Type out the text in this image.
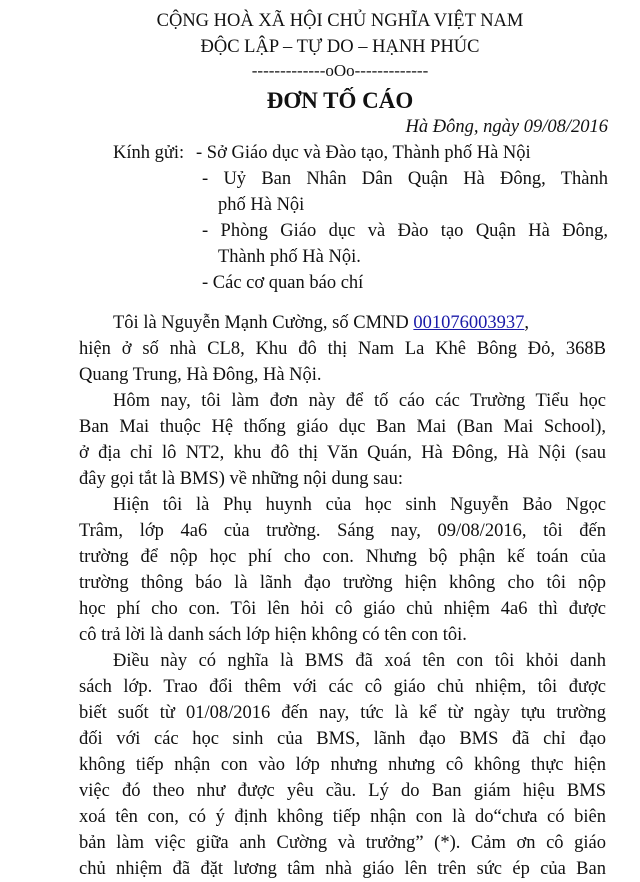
CỘNG HOÀ XÃ HỘI CHỦ NGHĨA VIỆT NAM
ĐỘC LẬP – TỰ DO – HẠNH PHÚC
-------------oOo-------------
ĐƠN TỐ CÁO
Hà Đông, ngày 09/08/2016
Kính gửi: - Sở Giáo dục và Đào tạo, Thành phố Hà Nội
- Uỷ Ban Nhân Dân Quận Hà Đông, Thành
phố Hà Nội
- Phòng Giáo dục và Đào tạo Quận Hà Đông,
Thành phố Hà Nội.
- Các cơ quan báo chí
Tôi là Nguyễn Mạnh Cường, số CMND 001076003937,
hiện ở số nhà CL8, Khu đô thị Nam La Khê Bông Đỏ, 368B
Quang Trung, Hà Đông, Hà Nội.
Hôm nay, tôi làm đơn này để tố cáo các Trường Tiểu học
Ban Mai thuộc Hệ thống giáo dục Ban Mai (Ban Mai School),
ở địa chỉ lô NT2, khu đô thị Văn Quán, Hà Đông, Hà Nội (sau
đây gọi tắt là BMS) về những nội dung sau:
Hiện tôi là Phụ huynh của học sinh Nguyễn Bảo Ngọc
Trâm, lớp 4a6 của trường. Sáng nay, 09/08/2016, tôi đến
trường để nộp học phí cho con. Nhưng bộ phận kế toán của
trường thông báo là lãnh đạo trường hiện không cho tôi nộp
học phí cho con. Tôi lên hỏi cô giáo chủ nhiệm 4a6 thì được
cô trả lời là danh sách lớp hiện không có tên con tôi.
Điều này có nghĩa là BMS đã xoá tên con tôi khỏi danh
sách lớp. Trao đổi thêm với các cô giáo chủ nhiệm, tôi được
biết suốt từ 01/08/2016 đến nay, tức là kể từ ngày tựu trường
đối với các học sinh của BMS, lãnh đạo BMS đã chỉ đạo
không tiếp nhận con vào lớp nhưng nhưng cô không thực hiện
việc đó theo như được yêu cầu. Lý do Ban giám hiệu BMS
xoá tên con, có ý định không tiếp nhận con là do“chưa có biên
bản làm việc giữa anh Cường và trưởng” (*). Cảm ơn cô giáo
chủ nhiệm đã đặt lương tâm nhà giáo lên trên sức ép của Ban
